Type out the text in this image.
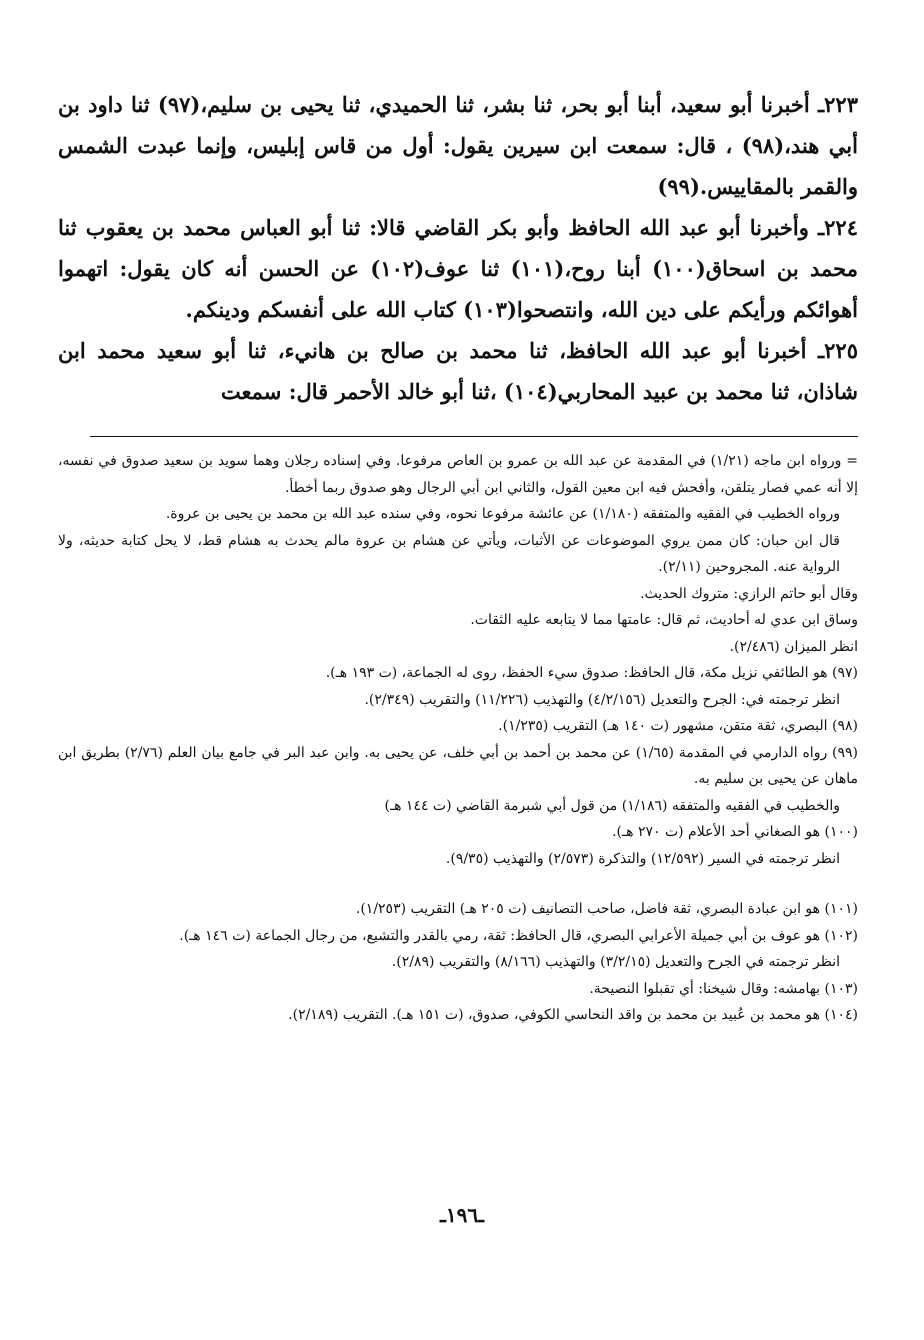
٢٢٣ـ أخبرنا أبو سعيد، أبنا أبو بحر، ثنا بشر، ثنا الحميدي، ثنا يحيى بن سليم،(٩٧) ثنا داود بن أبي هند،(٩٨) ، قال: سمعت ابن سيرين يقول: أول من قاس إبليس، وإنما عبدت الشمس والقمر بالمقاييس.(٩٩)

٢٢٤ـ وأخبرنا أبو عبد الله الحافظ وأبو بكر القاضي قالا: ثنا أبو العباس محمد بن يعقوب ثنا محمد بن اسحاق(١٠٠) أبنا روح،(١٠١) ثنا عوف(١٠٢) عن الحسن أنه كان يقول: اتهموا أهوائكم ورأيكم على دين الله، وانتصحوا(١٠٣) كتاب الله على أنفسكم ودينكم.

٢٢٥ـ أخبرنا أبو عبد الله الحافظ، ثنا محمد بن صالح بن هانيء، ثنا أبو سعيد محمد ابن شاذان، ثنا محمد بن عبيد المحاربي(١٠٤) ،ثنا أبو خالد الأحمر قال: سمعت

= ورواه ابن ماجه (١/٢١) في المقدمة عن عبد الله بن عمرو بن العاص مرفوعا. وفي إسناده رجلان وهما سويد بن سعيد صدوق في نفسه، إلا أنه عمي فصار يتلقن، وأفحش فيه ابن معين القول، والثاني ابن أبي الرجال وهو صدوق ربما أخطأ.

ورواه الخطيب في الفقيه والمتفقه (١/١٨٠) عن عائشة مرفوعا نحوه، وفي سنده عبد الله بن محمد بن يحيى بن عروة.

قال ابن حبان: كان ممن يروي الموضوعات عن الأثبات، ويأتي عن هشام بن عروة مالم يحدث به هشام قط، لا يحل كتابة حديثه، ولا الرواية عنه. المجروحين (٢/١١).

وقال أبو حاتم الرازي: متروك الحديث.

وساق ابن عدي له أحاديث، ثم قال: عامتها مما لا يتابعه عليه الثقات.

انظر الميزان (٢/٤٨٦).

(٩٧) هو الطائفي نزيل مكة، قال الحافظ: صدوق سيء الحفظ، روى له الجماعة، (ت ١٩٣ هـ).

انظر ترجمته في: الجرح والتعديل (٤/٢/١٥٦) والتهذيب (١١/٢٢٦) والتقريب (٢/٣٤٩).

(٩٨) البصري، ثقة متقن، مشهور (ت ١٤٠ هـ) التقريب (١/٢٣٥).

(٩٩) رواه الدارمي في المقدمة (١/٦٥) عن محمد بن أحمد بن أبي خلف، عن يحيى به. وابن عبد البر في جامع بيان العلم (٢/٧٦) بطريق ابن ماهان عن يحيى بن سليم به.

والخطيب في الفقيه والمتفقه (١/١٨٦) من قول أبي شبرمة القاضي (ت ١٤٤ هـ)

(١٠٠) هو الصغاني أحد الأعلام (ت ٢٧٠ هـ).

انظر ترجمته في السير (١٢/٥٩٢) والتذكرة (٢/٥٧٣) والتهذيب (٩/٣٥).

(١٠١) هو ابن عبادة البصري، ثقة فاضل، صاحب التصانيف (ت ٢٠٥ هـ) التقريب (١/٢٥٣).

(١٠٢) هو عوف بن أبي جميلة الأعرابي البصري، قال الحافظ: ثقة، رمي بالقدر والتشيع، من رجال الجماعة (ت ١٤٦ هـ).

انظر ترجمته في الجرح والتعديل (٣/٢/١٥) والتهذيب (٨/١٦٦) والتقريب (٢/٨٩).

(١٠٣) بهامشه: وقال شيخنا: أي تقبلوا النصيحة.

(١٠٤) هو محمد بن عُبيد بن محمد بن واقد النحاسي الكوفي، صدوق، (ت ١٥١ هـ). التقريب (٢/١٨٩).

ـ١٩٦ـ
